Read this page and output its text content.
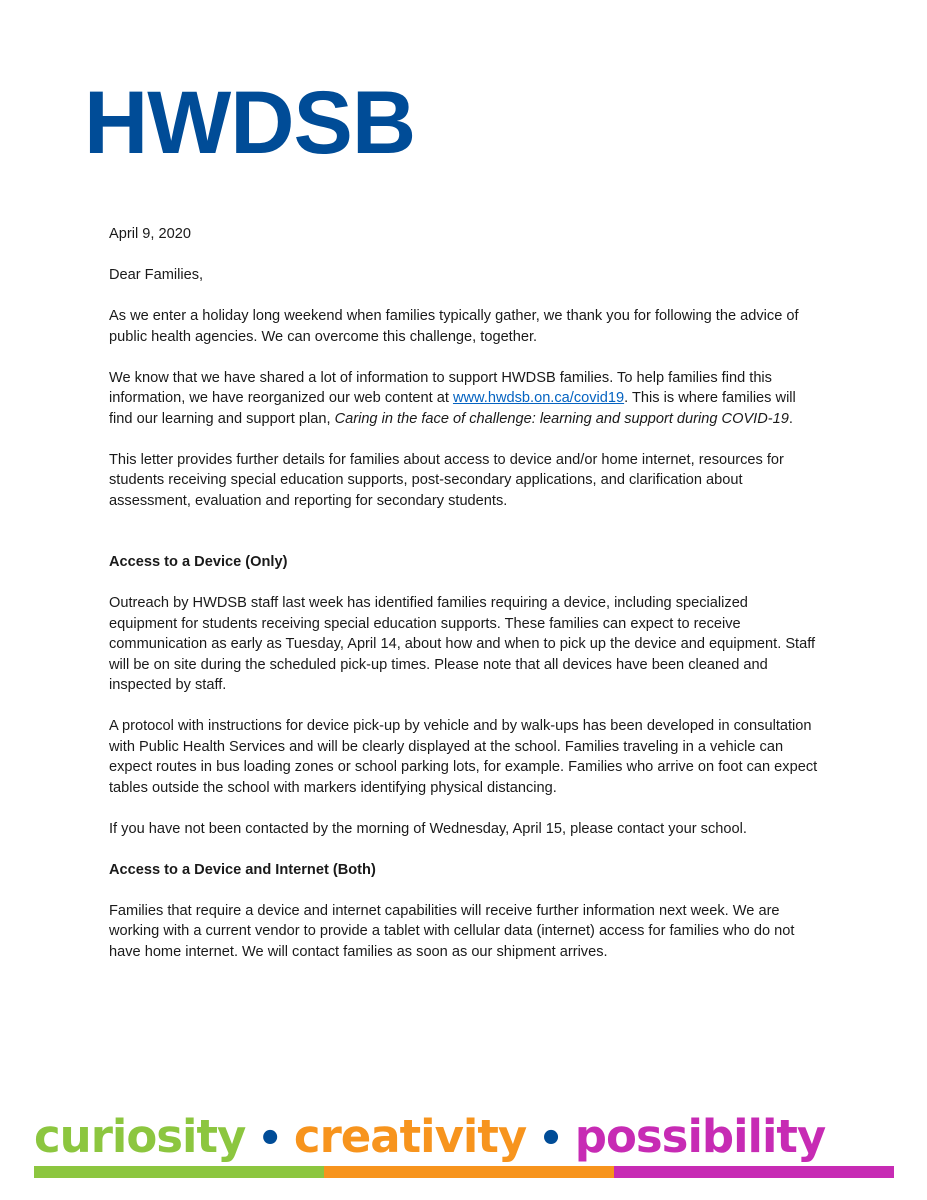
HWDSB

April 9, 2020

Dear Families,

As we enter a holiday long weekend when families typically gather, we thank you for following the advice of public health agencies. We can overcome this challenge, together.

We know that we have shared a lot of information to support HWDSB families. To help families find this information, we have reorganized our web content at www.hwdsb.on.ca/covid19. This is where families will find our learning and support plan, Caring in the face of challenge: learning and support during COVID-19.

This letter provides further details for families about access to device and/or home internet, resources for students receiving special education supports, post-secondary applications, and clarification about assessment, evaluation and reporting for secondary students.

Access to a Device (Only)

Outreach by HWDSB staff last week has identified families requiring a device, including specialized equipment for students receiving special education supports. These families can expect to receive communication as early as Tuesday, April 14, about how and when to pick up the device and equipment. Staff will be on site during the scheduled pick-up times. Please note that all devices have been cleaned and inspected by staff.

A protocol with instructions for device pick-up by vehicle and by walk-ups has been developed in consultation with Public Health Services and will be clearly displayed at the school. Families traveling in a vehicle can expect routes in bus loading zones or school parking lots, for example. Families who arrive on foot can expect tables outside the school with markers identifying physical distancing.

If you have not been contacted by the morning of Wednesday, April 15, please contact your school.

Access to a Device and Internet (Both)

Families that require a device and internet capabilities will receive further information next week. We are working with a current vendor to provide a tablet with cellular data (internet) access for families who do not have home internet. We will contact families as soon as our shipment arrives.

curiosity • creativity • possibility
